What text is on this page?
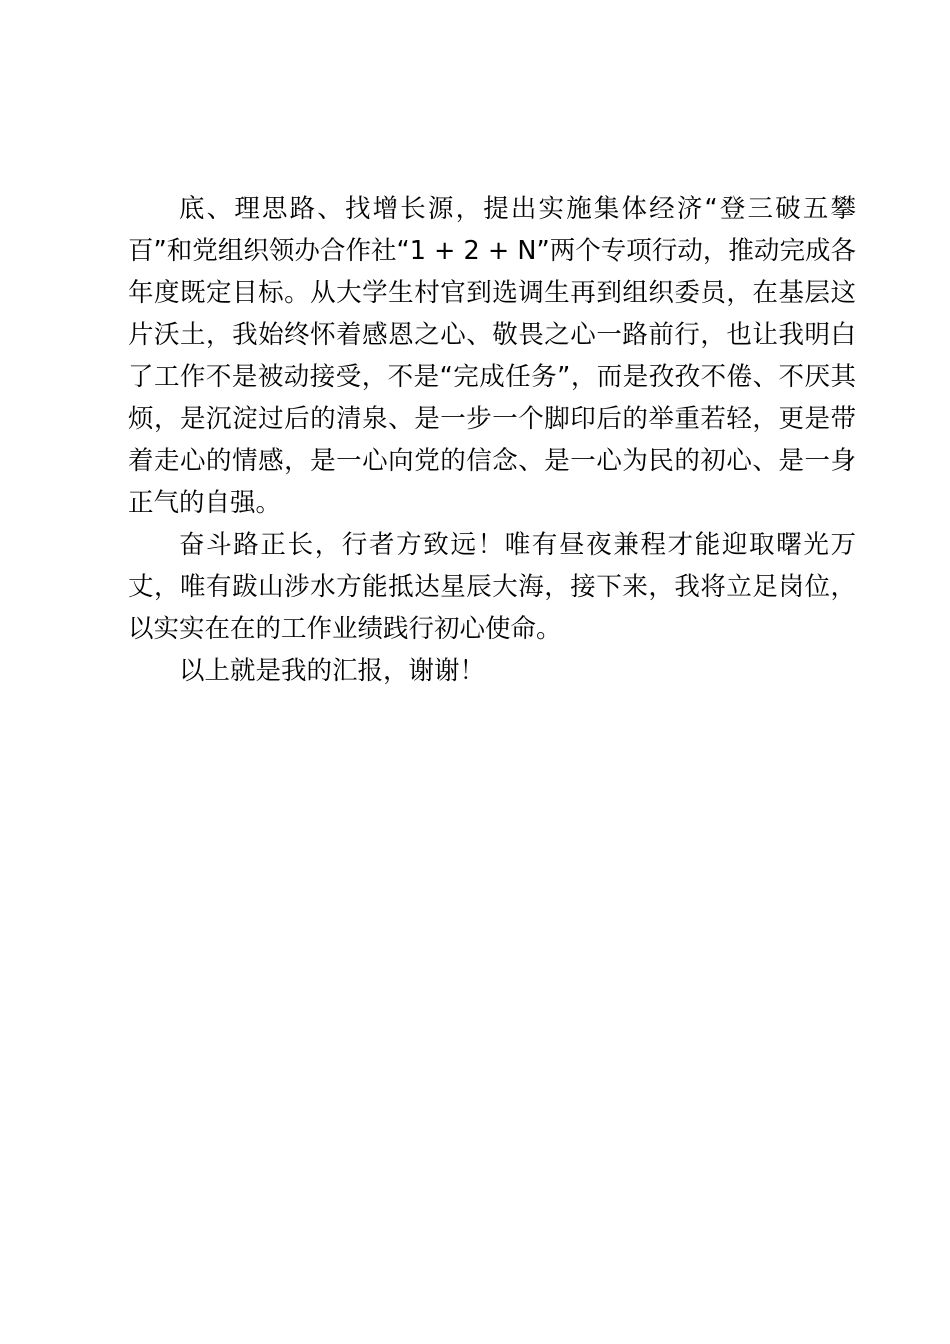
底、理思路、找增长源，提出实施集体经济“登三破五攀百”和党组织领办合作社“1 + 2 + N”两个专项行动，推动完成各年度既定目标。从大学生村官到选调生再到组织委员，在基层这片沃土，我始终怀着感恩之心、敬畏之心一路前行，也让我明白了工作不是被动接受，不是“完成任务”，而是孜孜不倦、不厌其烦，是沉淀过后的清泉、是一步一个脚印后的举重若轻，更是带着走心的情感，是一心向党的信念、是一心为民的初心、是一身正气的自强。

奋斗路正长，行者方致远！唯有昼夜兼程才能迎取曙光万丈，唯有跋山涉水方能抵达星辰大海，接下来，我将立足岗位，以实实在在的工作业绩践行初心使命。

以上就是我的汇报，谢谢！
